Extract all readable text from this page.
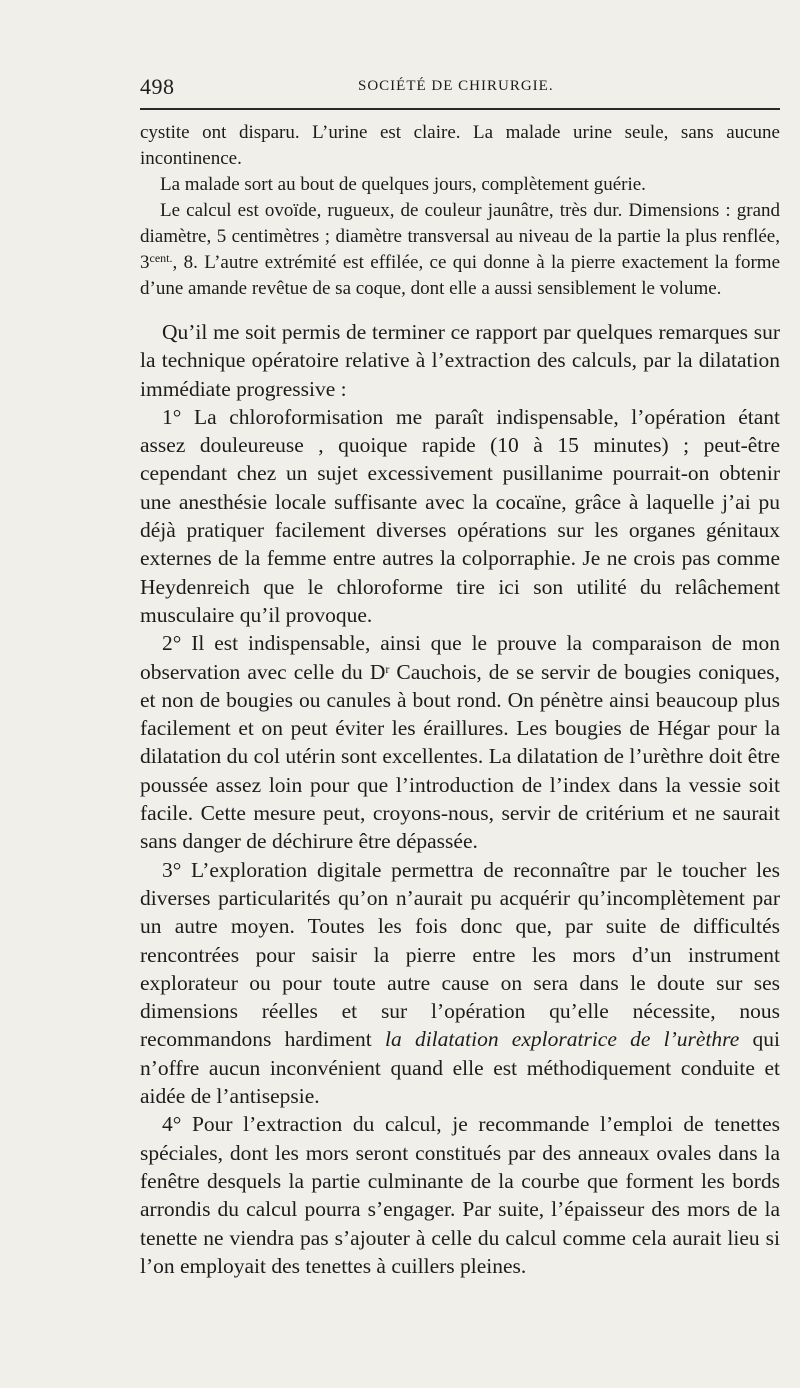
498	SOCIÉTÉ DE CHIRURGIE.

cystite ont disparu. L’urine est claire. La malade urine seule, sans aucune incontinence.

La malade sort au bout de quelques jours, complètement guérie.

Le calcul est ovoïde, rugueux, de couleur jaunâtre, très dur. Dimensions : grand diamètre, 5 centimètres ; diamètre transversal au niveau de la partie la plus renflée, $3^{cent.}$, 8. L’autre extrémité est effilée, ce qui donne à la pierre exactement la forme d’une amande revêtue de sa coque, dont elle a aussi sensiblement le volume.

Qu’il me soit permis de terminer ce rapport par quelques remarques sur la technique opératoire relative à l’extraction des calculs, par la dilatation immédiate progressive :

1° La chloroformisation me paraît indispensable, l’opération étant assez douleureuse , quoique rapide (10 à 15 minutes) ; peut-être cependant chez un sujet excessivement pusillanime pourrait-on obtenir une anesthésie locale suffisante avec la cocaïne, grâce à laquelle j’ai pu déjà pratiquer facilement diverses opérations sur les organes génitaux externes de la femme entre autres la colporraphie. Je ne crois pas comme Heydenreich que le chloroforme tire ici son utilité du relâchement musculaire qu’il provoque.

2° Il est indispensable, ainsi que le prouve la comparaison de mon observation avec celle du $D^r$ Cauchois, de se servir de bougies coniques, et non de bougies ou canules à bout rond. On pénètre ainsi beaucoup plus facilement et on peut éviter les éraillures. Les bougies de Hégar pour la dilatation du col utérin sont excellentes. La dilatation de l’urèthre doit être poussée assez loin pour que l’introduction de l’index dans la vessie soit facile. Cette mesure peut, croyons-nous, servir de critérium et ne saurait sans danger de déchirure être dépassée.

3° L’exploration digitale permettra de reconnaître par le toucher les diverses particularités qu’on n’aurait pu acquérir qu’incomplètement par un autre moyen. Toutes les fois donc que, par suite de difficultés rencontrées pour saisir la pierre entre les mors d’un instrument explorateur ou pour toute autre cause on sera dans le doute sur ses dimensions réelles et sur l’opération qu’elle nécessite, nous recommandons hardiment la dilatation exploratrice de l’urèthre qui n’offre aucun inconvénient quand elle est méthodiquement conduite et aidée de l’antisepsie.

4° Pour l’extraction du calcul, je recommande l’emploi de tenettes spéciales, dont les mors seront constitués par des anneaux ovales dans la fenêtre desquels la partie culminante de la courbe que forment les bords arrondis du calcul pourra s’engager. Par suite, l’épaisseur des mors de la tenette ne viendra pas s’ajouter à celle du calcul comme cela aurait lieu si l’on employait des tenettes à cuillers pleines.
